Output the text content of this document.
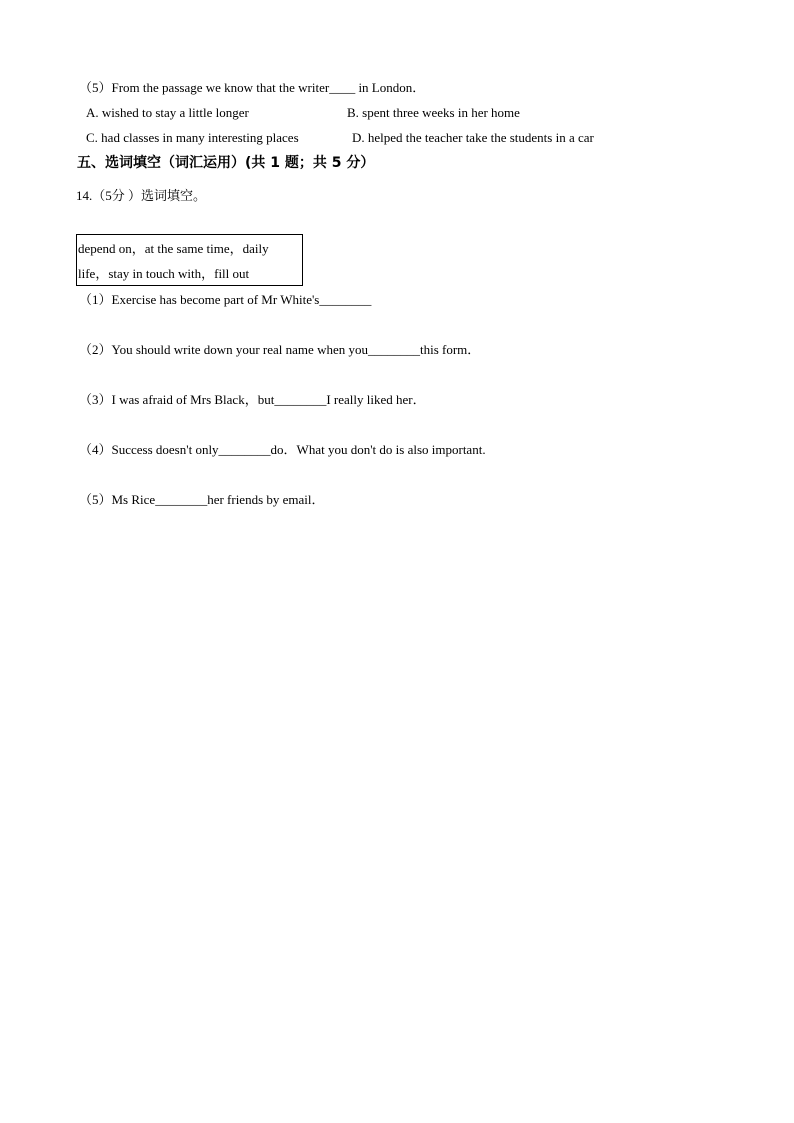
（5）From the passage we know that the writer____ in London．
A. wished to stay a little longer	B. spent three weeks in her home
C. had classes in many interesting places	D. helped the teacher take the students in a car
五、选词填空（词汇运用）(共 1 题；共 5 分）
14.（5分 ）选词填空。
depend on，at the same time，daily
life，stay in touch with，fill out
（1）Exercise has become part of Mr White's________
（2）You should write down your real name when you________this form．
（3）I was afraid of Mrs Black，but________I really liked her．
（4）Success doesn't only________do．What you don't do is also important.
（5）Ms Rice________her friends by email．
